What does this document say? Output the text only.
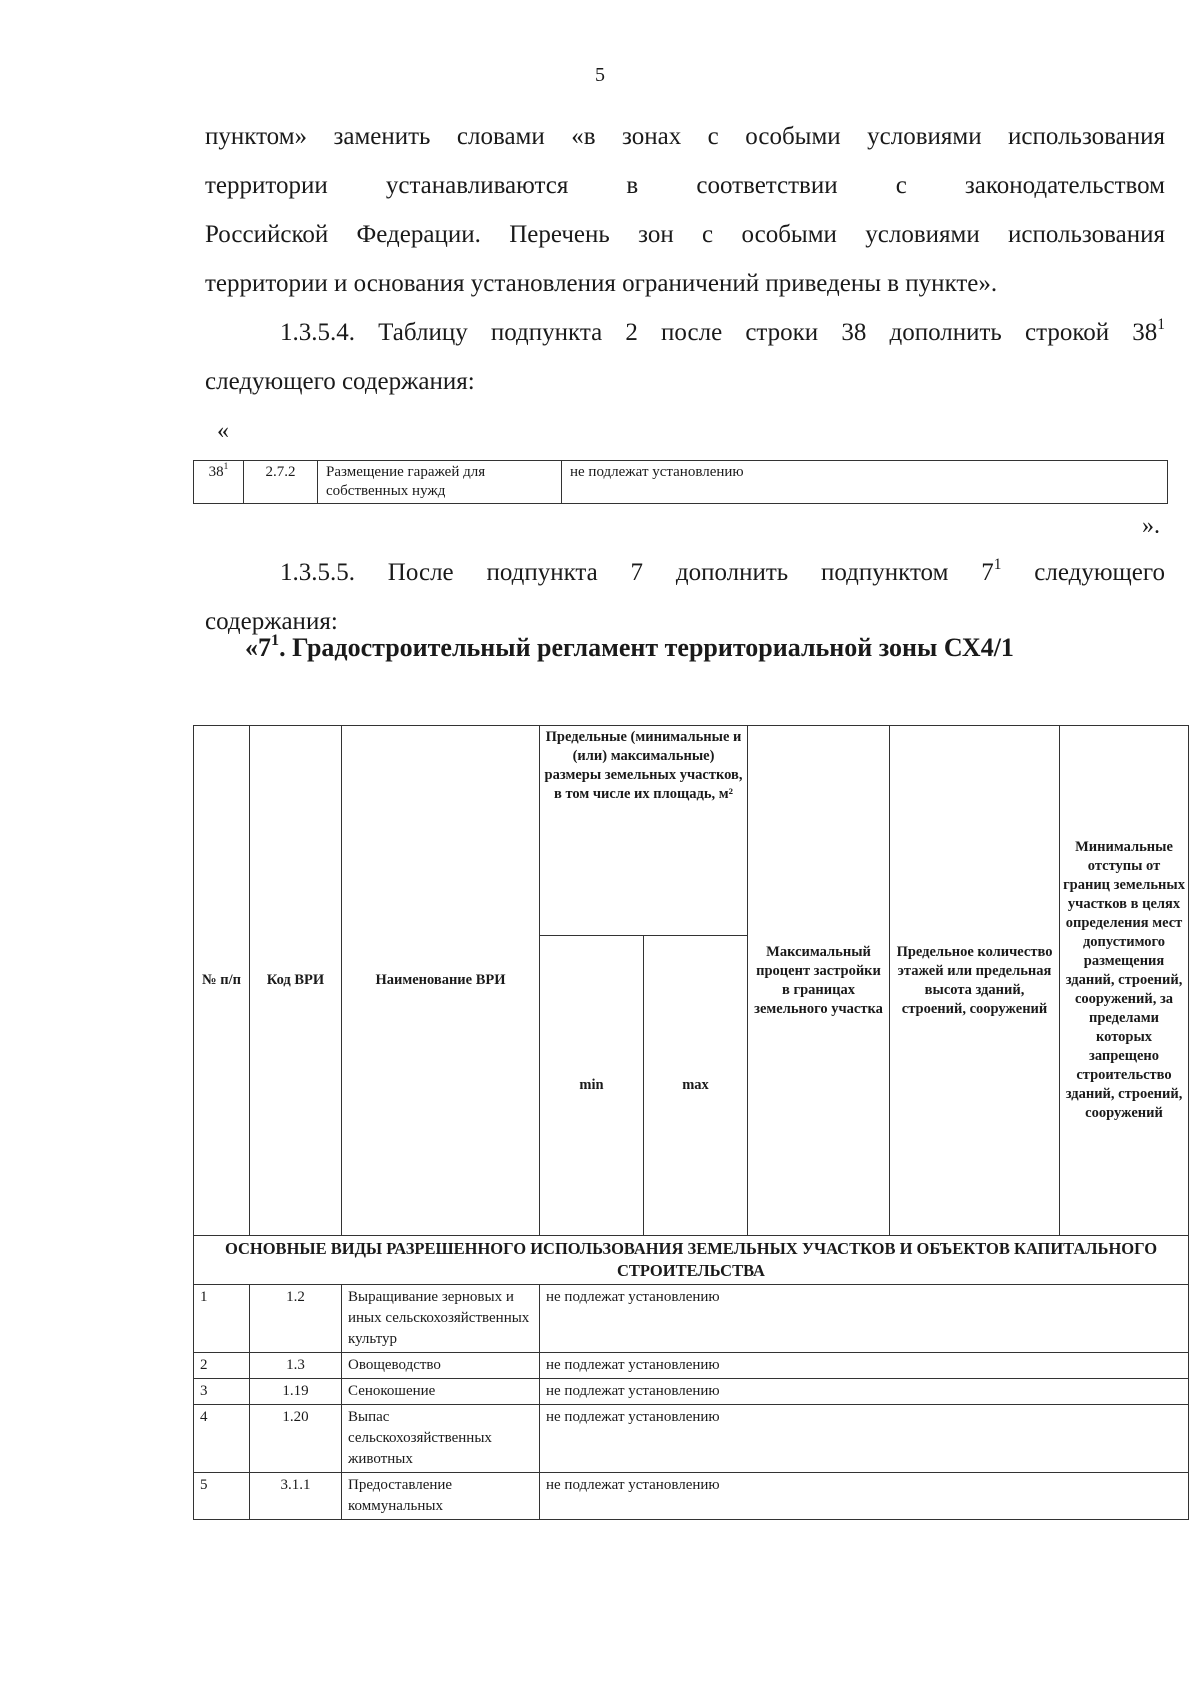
5

пунктом» заменить словами «в зонах с особыми условиями использования

территории устанавливаются в соответствии с законодательством

Российской Федерации. Перечень зон с особыми условиями использования

территории и основания установления ограничений приведены в пункте».

1.3.5.4. Таблицу подпункта 2 после строки 38 дополнить строкой $38^1$

следующего содержания:

«
$38^1$	2.7.2	Размещение гаражей для собственных нужд	не подлежат установлению
».

1.3.5.5. После подпункта 7 дополнить подпунктом $7^1$ следующего

содержания:

«$7^1$. Градостроительный регламент территориальной зоны СХ4/1
№ п/п	Код ВРИ	Наименование ВРИ	Предельные (минимальные и (или) максимальные) размеры земельных участков, в том числе их площадь, м²		Максимальный процент застройки в границах земельного участка	Предельное количество этажей или предельная высота зданий, строений, сооружений	Минимальные отступы от границ земельных участков в целях определения мест допустимого размещения зданий, строений, сооружений, за пределами которых запрещено строительство зданий, строений, сооружений
			min	max			
ОСНОВНЫЕ ВИДЫ РАЗРЕШЕННОГО ИСПОЛЬЗОВАНИЯ ЗЕМЕЛЬНЫХ УЧАСТКОВ И ОБЪЕКТОВ КАПИТАЛЬНОГО СТРОИТЕЛЬСТВА							
1	1.2	Выращивание зерновых и иных сельскохозяйственных культур	не подлежат установлению				
2	1.3	Овощеводство	не подлежат установлению				
3	1.19	Сенокошение	не подлежат установлению				
4	1.20	Выпас сельскохозяйственных животных	не подлежат установлению				
5	3.1.1	Предоставление коммунальных	не подлежат установлению				
